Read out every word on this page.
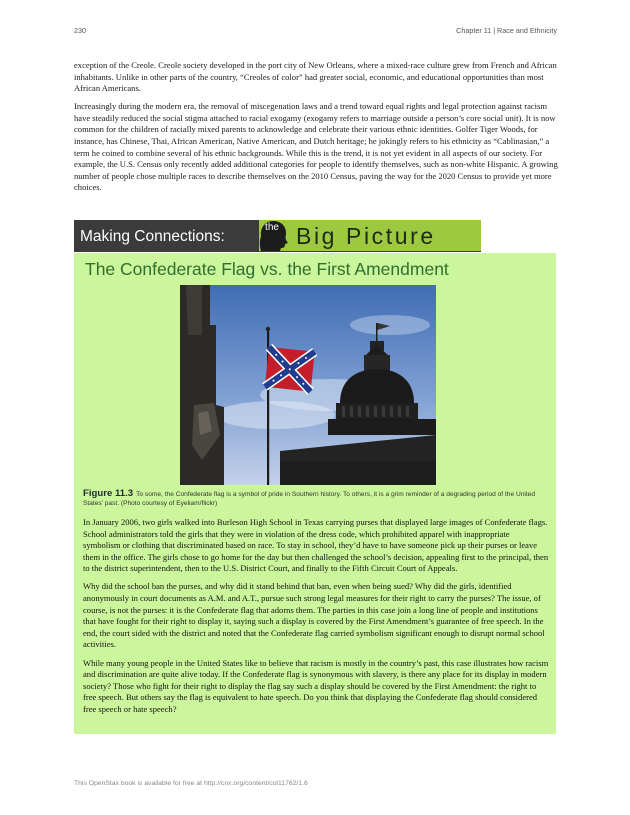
230	Chapter 11 | Race and Ethnicity

exception of the Creole. Creole society developed in the port city of New Orleans, where a mixed-race culture grew from French and African inhabitants. Unlike in other parts of the country, “Creoles of color” had greater social, economic, and educational opportunities than most African Americans.

Increasingly during the modern era, the removal of miscegenation laws and a trend toward equal rights and legal protection against racism have steadily reduced the social stigma attached to racial exogamy (exogamy refers to marriage outside a person’s core social unit). It is now common for the children of racially mixed parents to acknowledge and celebrate their various ethnic identities. Golfer Tiger Woods, for instance, has Chinese, Thai, African American, Native American, and Dutch heritage; he jokingly refers to his ethnicity as “Cablinasian,” a term he coined to combine several of his ethnic backgrounds. While this is the trend, it is not yet evident in all aspects of our society. For example, the U.S. Census only recently added additional categories for people to identify themselves, such as non-white Hispanic. A growing number of people chose multiple races to describe themselves on the 2010 Census, paving the way for the 2020 Census to provide yet more choices.

Making Connections:
the Big Picture
The Confederate Flag vs. the First Amendment
Figure 11.3 To some, the Confederate flag is a symbol of pride in Southern history. To others, it is a grim reminder of a degrading period of the United States’ past. (Photo courtesy of Eyeliam/flickr)

In January 2006, two girls walked into Burleson High School in Texas carrying purses that displayed large images of Confederate flags. School administrators told the girls that they were in violation of the dress code, which prohibited apparel with inappropriate symbolism or clothing that discriminated based on race. To stay in school, they’d have to have someone pick up their purses or leave them in the office. The girls chose to go home for the day but then challenged the school’s decision, appealing first to the principal, then to the district superintendent, then to the U.S. District Court, and finally to the Fifth Circuit Court of Appeals.

Why did the school ban the purses, and why did it stand behind that ban, even when being sued? Why did the girls, identified anonymously in court documents as A.M. and A.T., pursue such strong legal measures for their right to carry the purses? The issue, of course, is not the purses: it is the Confederate flag that adorns them. The parties in this case join a long line of people and institutions that have fought for their right to display it, saying such a display is covered by the First Amendment’s guarantee of free speech. In the end, the court sided with the district and noted that the Confederate flag carried symbolism significant enough to disrupt normal school activities.

While many young people in the United States like to believe that racism is mostly in the country’s past, this case illustrates how racism and discrimination are quite alive today. If the Confederate flag is synonymous with slavery, is there any place for its display in modern society? Those who fight for their right to display the flag say such a display should be covered by the First Amendment: the right to free speech. But others say the flag is equivalent to hate speech. Do you think that displaying the Confederate flag should considered free speech or hate speech?

This OpenStax book is available for free at http://cnx.org/content/col11762/1.6
